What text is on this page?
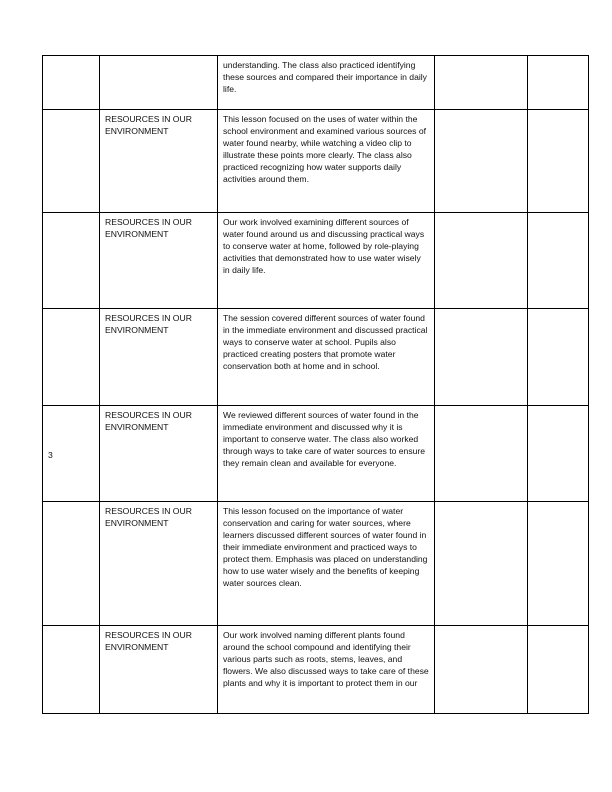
		understanding. The class also practiced identifying these sources and compared their importance in daily life.		
	RESOURCES IN OUR ENVIRONMENT	This lesson focused on the uses of water within the school environment and examined various sources of water found nearby, while watching a video clip to illustrate these points more clearly. The class also practiced recognizing how water supports daily activities around them.		
	RESOURCES IN OUR ENVIRONMENT	Our work involved examining different sources of water found around us and discussing practical ways to conserve water at home, followed by role-playing activities that demonstrated how to use water wisely in daily life.		
	RESOURCES IN OUR ENVIRONMENT	The session covered different sources of water found in the immediate environment and discussed practical ways to conserve water at school. Pupils also practiced creating posters that promote water conservation both at home and in school.		
3	RESOURCES IN OUR ENVIRONMENT	We reviewed different sources of water found in the immediate environment and discussed why it is important to conserve water. The class also worked through ways to take care of water sources to ensure they remain clean and available for everyone.		
	RESOURCES IN OUR ENVIRONMENT	This lesson focused on the importance of water conservation and caring for water sources, where learners discussed different sources of water found in their immediate environment and practiced ways to protect them. Emphasis was placed on understanding how to use water wisely and the benefits of keeping water sources clean.		
	RESOURCES IN OUR ENVIRONMENT	Our work involved naming different plants found around the school compound and identifying their various parts such as roots, stems, leaves, and flowers. We also discussed ways to take care of these plants and why it is important to protect them in our		
